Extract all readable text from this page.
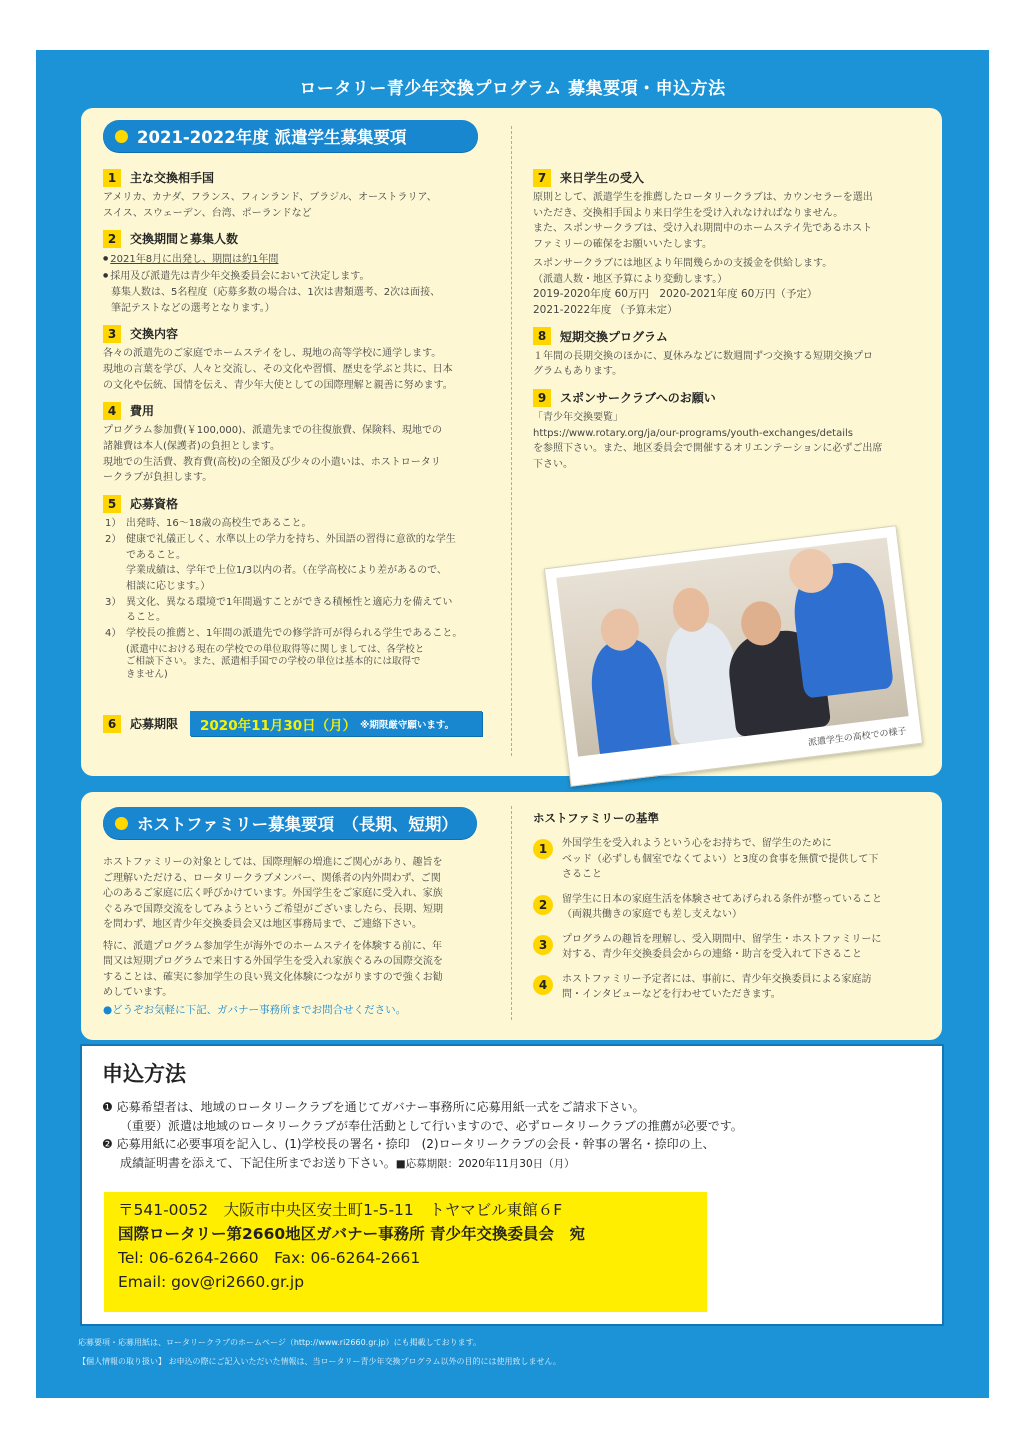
ロータリー青少年交換プログラム 募集要項・申込方法
2021-2022年度 派遣学生募集要項
1	主な交換相手国
アメリカ、カナダ、フランス、フィンランド、ブラジル、オーストラリア、
スイス、スウェーデン、台湾、ポーランドなど
2	交換期間と募集人数
● 2021年8月に出発し、期間は約1年間
● 採用及び派遣先は青少年交換委員会において決定します。
募集人数は、5名程度（応募多数の場合は、1次は書類選考、2次は面接、
筆記テストなどの選考となります。）
3	交換内容
各々の派遣先のご家庭でホームステイをし、現地の高等学校に通学します。
現地の言葉を学び、人々と交流し、その文化や習慣、歴史を学ぶと共に、日本
の文化や伝統、国情を伝え、青少年大使としての国際理解と親善に努めます。
4	費用
プログラム参加費(￥100,000)、派遣先までの往復旅費、保険料、現地での
諸雑費は本人(保護者)の負担とします。
現地での生活費、教育費(高校)の全額及び少々の小遣いは、ホストロータリ
ークラブが負担します。
5	応募資格
1） 出発時、16〜18歳の高校生であること。
2） 健康で礼儀正しく、水準以上の学力を持ち、外国語の習得に意欲的な学生
であること。
学業成績は、学年で上位1/3以内の者。（在学高校により差があるので、
相談に応じます。）
3） 異文化、異なる環境で1年間過すことができる積極性と適応力を備えてい
ること。
4） 学校長の推薦と、1年間の派遣先での修学許可が得られる学生であること。
(派遣中における現在の学校での単位取得等に関しましては、各学校と
ご相談下さい。また、派遣相手国での学校の単位は基本的には取得で
きません)
6	応募期限 2020年11月30日（月） ※期限厳守願います。
7	来日学生の受入
原則として、派遣学生を推薦したロータリークラブは、カウンセラーを選出
いただき、交換相手国より来日学生を受け入れなければなりません。
また、スポンサークラブは、受け入れ期間中のホームステイ先であるホスト
ファミリーの確保をお願いいたします。
スポンサークラブには地区より年間幾らかの支援金を供給します。
（派遣人数・地区予算により変動します。）
2019-2020年度 60万円　2020-2021年度 60万円（予定）
2021-2022年度 （予算未定）
8	短期交換プログラム
１年間の長期交換のほかに、夏休みなどに数週間ずつ交換する短期交換プロ
グラムもあります。
9	スポンサークラブへのお願い
「青少年交換要覧」
https://www.rotary.org/ja/our-programs/youth-exchanges/details
を参照下さい。また、地区委員会で開催するオリエンテーションに必ずご出席
下さい。
派遣学生の高校での様子
ホストファミリー募集要項　（長期、短期）
ホストファミリーの対象としては、国際理解の増進にご関心があり、趣旨を
ご理解いただける、ロータリークラブメンバー、関係者の内外問わず、ご関
心のあるご家庭に広く呼びかけています。外国学生をご家庭に受入れ、家族
ぐるみで国際交流をしてみようというご希望がございましたら、長期、短期
を問わず、地区青少年交換委員会又は地区事務局まで、ご連絡下さい。
特に、派遣プログラム参加学生が海外でのホームステイを体験する前に、年
間又は短期プログラムで来日する外国学生を受入れ家族ぐるみの国際交流を
することは、確実に参加学生の良い異文化体験につながりますので強くお勧
めしています。
●どうぞお気軽に下記、ガバナー事務所までお問合せください。
ホストファミリーの基準
1	外国学生を受入れようという心をお持ちで、留学生のために
ベッド（必ずしも個室でなくてよい）と3度の食事を無償で提供して下
さること
2	留学生に日本の家庭生活を体験させてあげられる条件が整っていること
（両親共働きの家庭でも差し支えない）
3	プログラムの趣旨を理解し、受入期間中、留学生・ホストファミリーに
対する、青少年交換委員会からの連絡・助言を受入れて下さること
4	ホストファミリー予定者には、事前に、青少年交換委員による家庭訪
問・インタビューなどを行わせていただきます。
申込方法
❶ 応募希望者は、地域のロータリークラブを通じてガバナー事務所に応募用紙一式をご請求下さい。
（重要）派遣は地域のロータリークラブが奉仕活動として行いますので、必ずロータリークラブの推薦が必要です。
❷ 応募用紙に必要事項を記入し、(1)学校長の署名・捺印　(2)ロータリークラブの会長・幹事の署名・捺印の上、
成績証明書を添えて、下記住所までお送り下さい。■応募期限：2020年11月30日（月）
〒541-0052　大阪市中央区安土町1-5-11　トヤマビル東館６F
国際ロータリー第2660地区ガバナー事務所 青少年交換委員会　宛
Tel: 06-6264-2660　Fax: 06-6264-2661
Email: gov@ri2660.gr.jp
応募要項・応募用紙は、ロータリークラブのホームページ（http://www.ri2660.gr.jp）にも掲載しております。
【個人情報の取り扱い】 お申込の際にご記入いただいた情報は、当ロータリー青少年交換プログラム以外の目的には使用致しません。
